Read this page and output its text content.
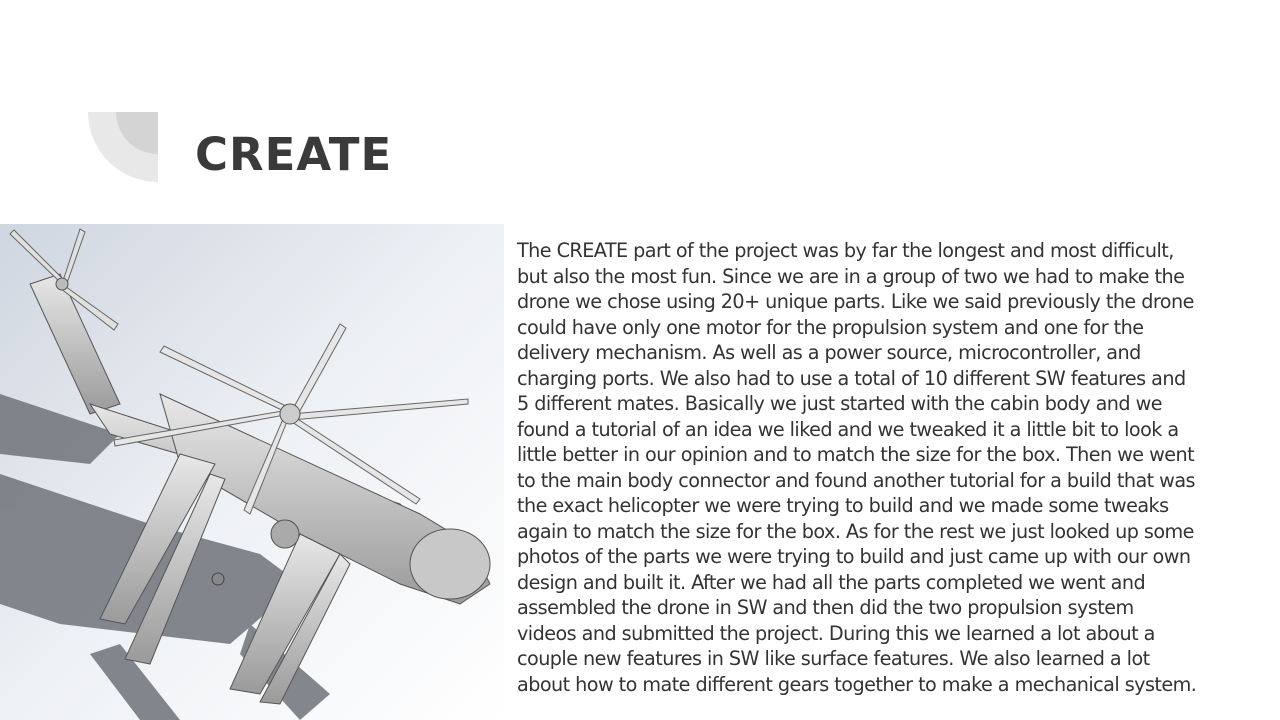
CREATE
The CREATE part of the project was by far the longest and most difficult,
but also the most fun. Since we are in a group of two we had to make the
drone we chose using 20+ unique parts. Like we said previously the drone
could have only one motor for the propulsion system and one for the
delivery mechanism. As well as a power source, microcontroller, and
charging ports. We also had to use a total of 10 different SW features and
5 different mates. Basically we just started with the cabin body and we
found a tutorial of an idea we liked and we tweaked it a little bit to look a
little better in our opinion and to match the size for the box. Then we went
to the main body connector and found another tutorial for a build that was
the exact helicopter we were trying to build and we made some tweaks
again to match the size for the box. As for the rest we just looked up some
photos of the parts we were trying to build and just came up with our own
design and built it. After we had all the parts completed we went and
assembled the drone in SW and then did the two propulsion system
videos and submitted the project. During this we learned a lot about a
couple new features in SW like surface features. We also learned a lot
about how to mate different gears together to make a mechanical system.
